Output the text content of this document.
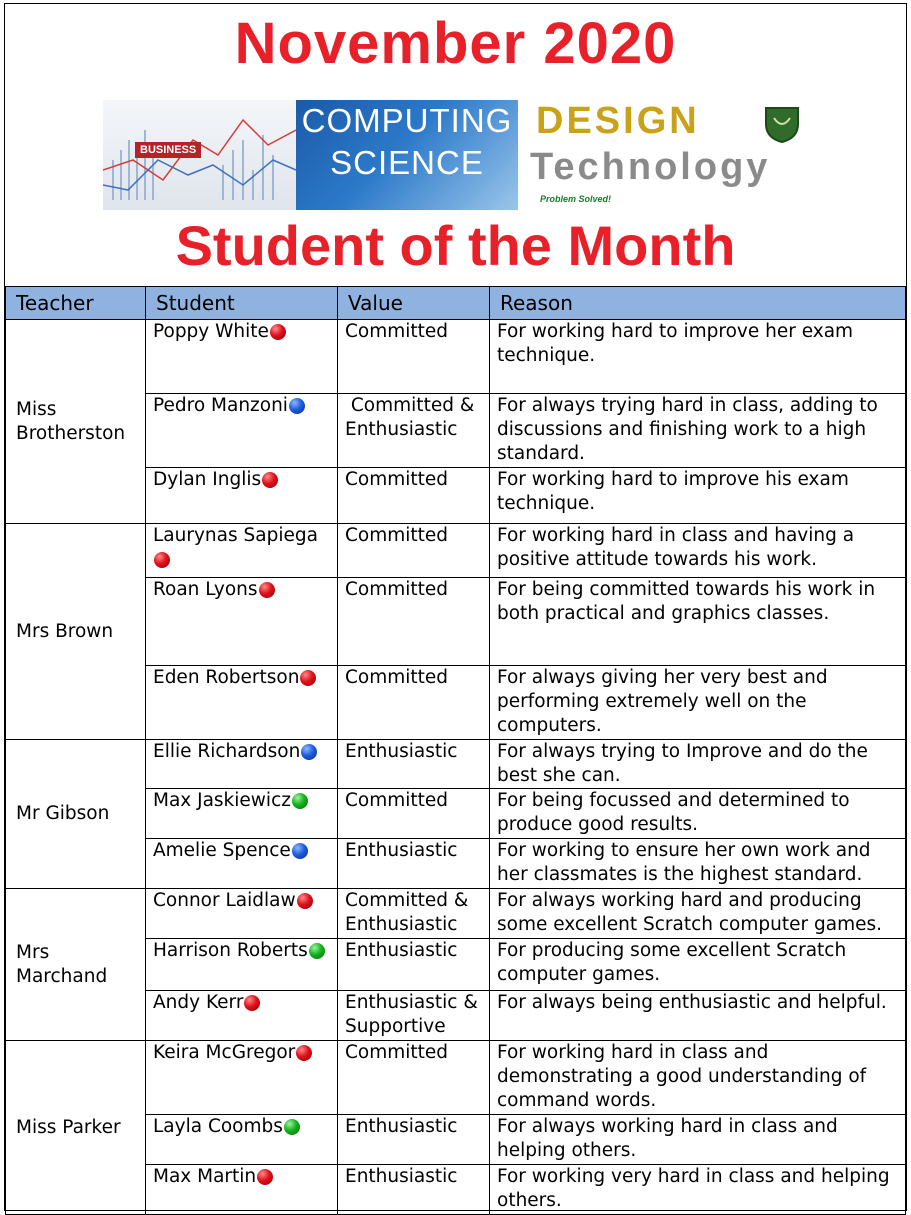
November 2020
BUSINESS
COMPUTING
SCIENCE
DESIGN
Technology
Problem Solved!
Student of the Month
Teacher	Student	Value	Reason
Miss Brotherston	Poppy White	Committed	For working hard to improve her exam technique.
	Pedro Manzoni	Committed & Enthusiastic	For always trying hard in class, adding to discussions and finishing work to a high standard.
	Dylan Inglis	Committed	For working hard to improve his exam technique.
Mrs Brown	Laurynas Sapiega	Committed	For working hard in class and having a positive attitude towards his work.
	Roan Lyons	Committed	For being committed towards his work in both practical and graphics classes.
	Eden Robertson	Committed	For always giving her very best and performing extremely well on the computers.
Mr Gibson	Ellie Richardson	Enthusiastic	For always trying to Improve and do the best she can.
	Max Jaskiewicz	Committed	For being focussed and determined to produce good results.
	Amelie Spence	Enthusiastic	For working to ensure her own work and her classmates is the highest standard.
Mrs Marchand	Connor Laidlaw	Committed & Enthusiastic	For always working hard and producing some excellent Scratch computer games.
	Harrison Roberts	Enthusiastic	For producing some excellent Scratch computer games.
	Andy Kerr	Enthusiastic & Supportive	For always being enthusiastic and helpful.
Miss Parker	Keira McGregor	Committed	For working hard in class and demonstrating a good understanding of command words.
	Layla Coombs	Enthusiastic	For always working hard in class and helping others.
	Max Martin	Enthusiastic	For working very hard in class and helping others.
